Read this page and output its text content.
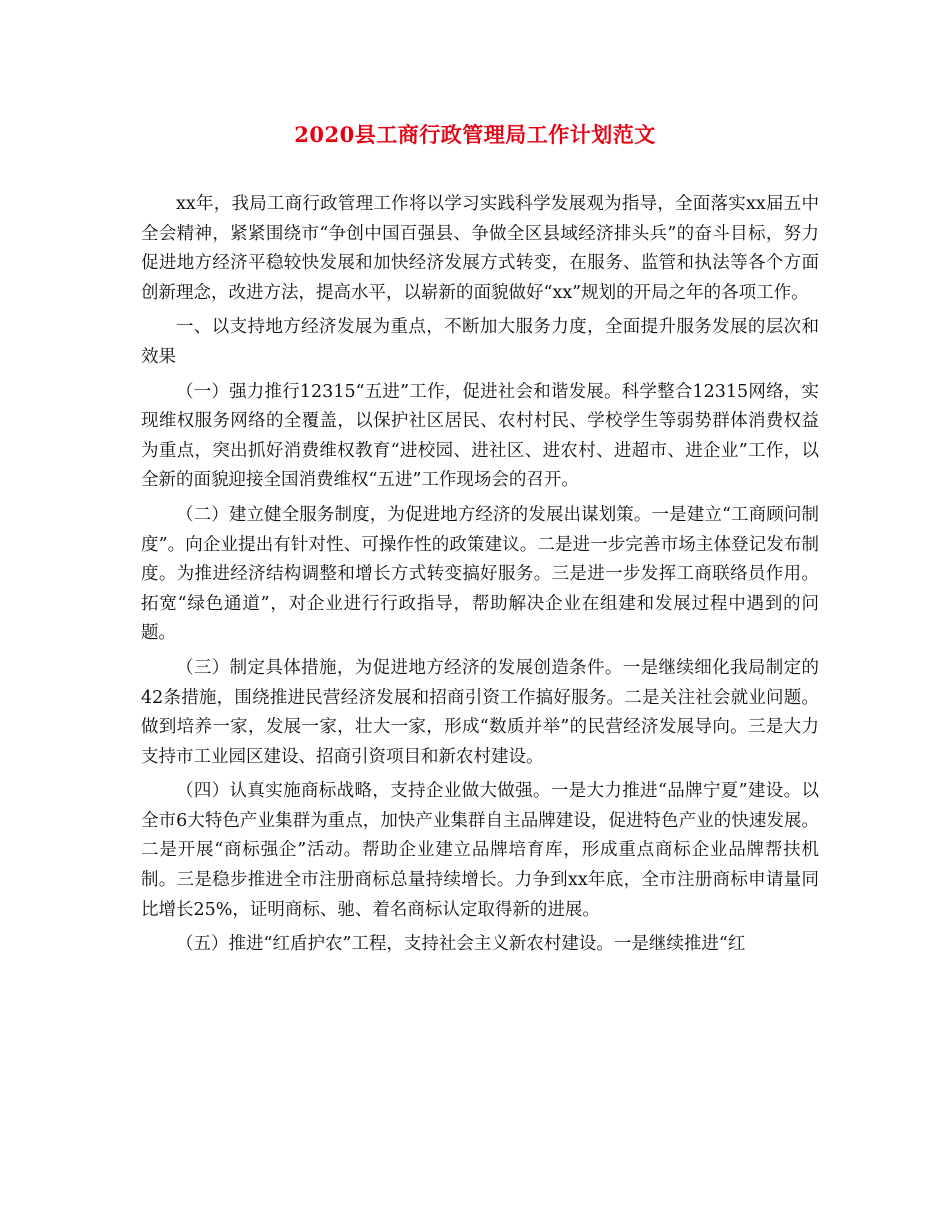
2020县工商行政管理局工作计划范文

xx年，我局工商行政管理工作将以学习实践科学发展观为指导，全面落实xx届五中全会精神，紧紧围绕市“争创中国百强县、争做全区县域经济排头兵”的奋斗目标，努力促进地方经济平稳较快发展和加快经济发展方式转变，在服务、监管和执法等各个方面创新理念，改进方法，提高水平，以崭新的面貌做好“xx”规划的开局之年的各项工作。

一、以支持地方经济发展为重点，不断加大服务力度，全面提升服务发展的层次和效果

（一）强力推行12315“五进”工作，促进社会和谐发展。科学整合12315网络，实现维权服务网络的全覆盖，以保护社区居民、农村村民、学校学生等弱势群体消费权益为重点，突出抓好消费维权教育“进校园、进社区、进农村、进超市、进企业”工作，以全新的面貌迎接全国消费维权“五进”工作现场会的召开。

（二）建立健全服务制度，为促进地方经济的发展出谋划策。一是建立“工商顾问制度”。向企业提出有针对性、可操作性的政策建议。二是进一步完善市场主体登记发布制度。为推进经济结构调整和增长方式转变搞好服务。三是进一步发挥工商联络员作用。拓宽“绿色通道”，对企业进行行政指导，帮助解决企业在组建和发展过程中遇到的问题。

（三）制定具体措施，为促进地方经济的发展创造条件。一是继续细化我局制定的42条措施，围绕推进民营经济发展和招商引资工作搞好服务。二是关注社会就业问题。做到培养一家，发展一家，壮大一家，形成“数质并举”的民营经济发展导向。三是大力支持市工业园区建设、招商引资项目和新农村建设。

（四）认真实施商标战略，支持企业做大做强。一是大力推进“品牌宁夏”建设。以全市6大特色产业集群为重点，加快产业集群自主品牌建设，促进特色产业的快速发展。二是开展“商标强企”活动。帮助企业建立品牌培育库，形成重点商标企业品牌帮扶机制。三是稳步推进全市注册商标总量持续增长。力争到xx年底，全市注册商标申请量同比增长25%，证明商标、驰、着名商标认定取得新的进展。

（五）推进“红盾护农”工程，支持社会主义新农村建设。一是继续推进“红
